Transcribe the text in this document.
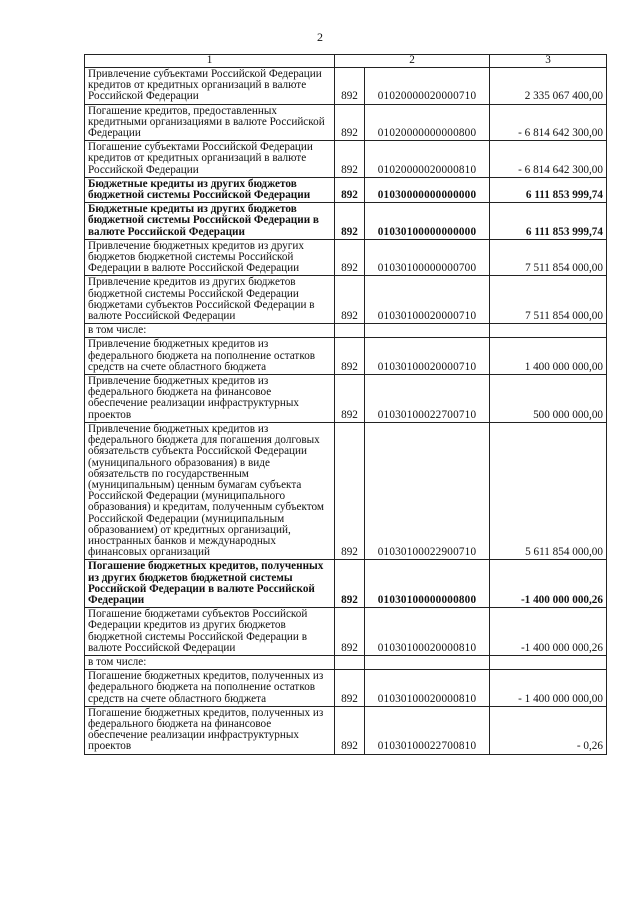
2
1	2		3
Привлечение субъектами Российской Федерации кредитов от кредитных организаций в валюте Российской Федерации	892	01020000020000710	2 335 067 400,00
Погашение кредитов, предоставленных кредитными организациями в валюте Российской Федерации	892	01020000000000800	- 6 814 642 300,00
Погашение субъектами Российской Федерации кредитов от кредитных организаций в валюте Российской Федерации	892	01020000020000810	- 6 814 642 300,00
Бюджетные кредиты из других бюджетов бюджетной системы Российской Федерации	892	01030000000000000	6 111 853 999,74
Бюджетные кредиты из других бюджетов бюджетной системы Российской Федерации в валюте Российской Федерации	892	01030100000000000	6 111 853 999,74
Привлечение бюджетных кредитов из других бюджетов бюджетной системы Российской Федерации в валюте Российской Федерации	892	01030100000000700	7 511 854 000,00
Привлечение кредитов из других бюджетов бюджетной системы Российской Федерации бюджетами субъектов Российской Федерации в валюте Российской Федерации	892	01030100020000710	7 511 854 000,00
в том числе:			
Привлечение бюджетных кредитов из федерального бюджета на пополнение остатков средств на счете областного бюджета	892	01030100020000710	1 400 000 000,00
Привлечение бюджетных кредитов из федерального бюджета на финансовое обеспечение реализации инфраструктурных проектов	892	01030100022700710	500 000 000,00
Привлечение бюджетных кредитов из федерального бюджета для погашения долговых обязательств субъекта Российской Федерации (муниципального образования) в виде обязательств по государственным (муниципальным) ценным бумагам субъекта Российской Федерации (муниципального образования) и кредитам, полученным субъектом Российской Федерации (муниципальным образованием) от кредитных организаций, иностранных банков и международных финансовых организаций	892	01030100022900710	5 611 854 000,00
Погашение бюджетных кредитов, полученных из других бюджетов бюджетной системы Российской Федерации в валюте Российской Федерации	892	01030100000000800	-1 400 000 000,26
Погашение бюджетами субъектов Российской Федерации кредитов из других бюджетов бюджетной системы Российской Федерации в валюте Российской Федерации	892	01030100020000810	-1 400 000 000,26
в том числе:			
Погашение бюджетных кредитов, полученных из федерального бюджета на пополнение остатков средств на счете областного бюджета	892	01030100020000810	- 1 400 000 000,00
Погашение бюджетных кредитов, полученных из федерального бюджета на финансовое обеспечение реализации инфраструктурных проектов	892	01030100022700810	- 0,26
